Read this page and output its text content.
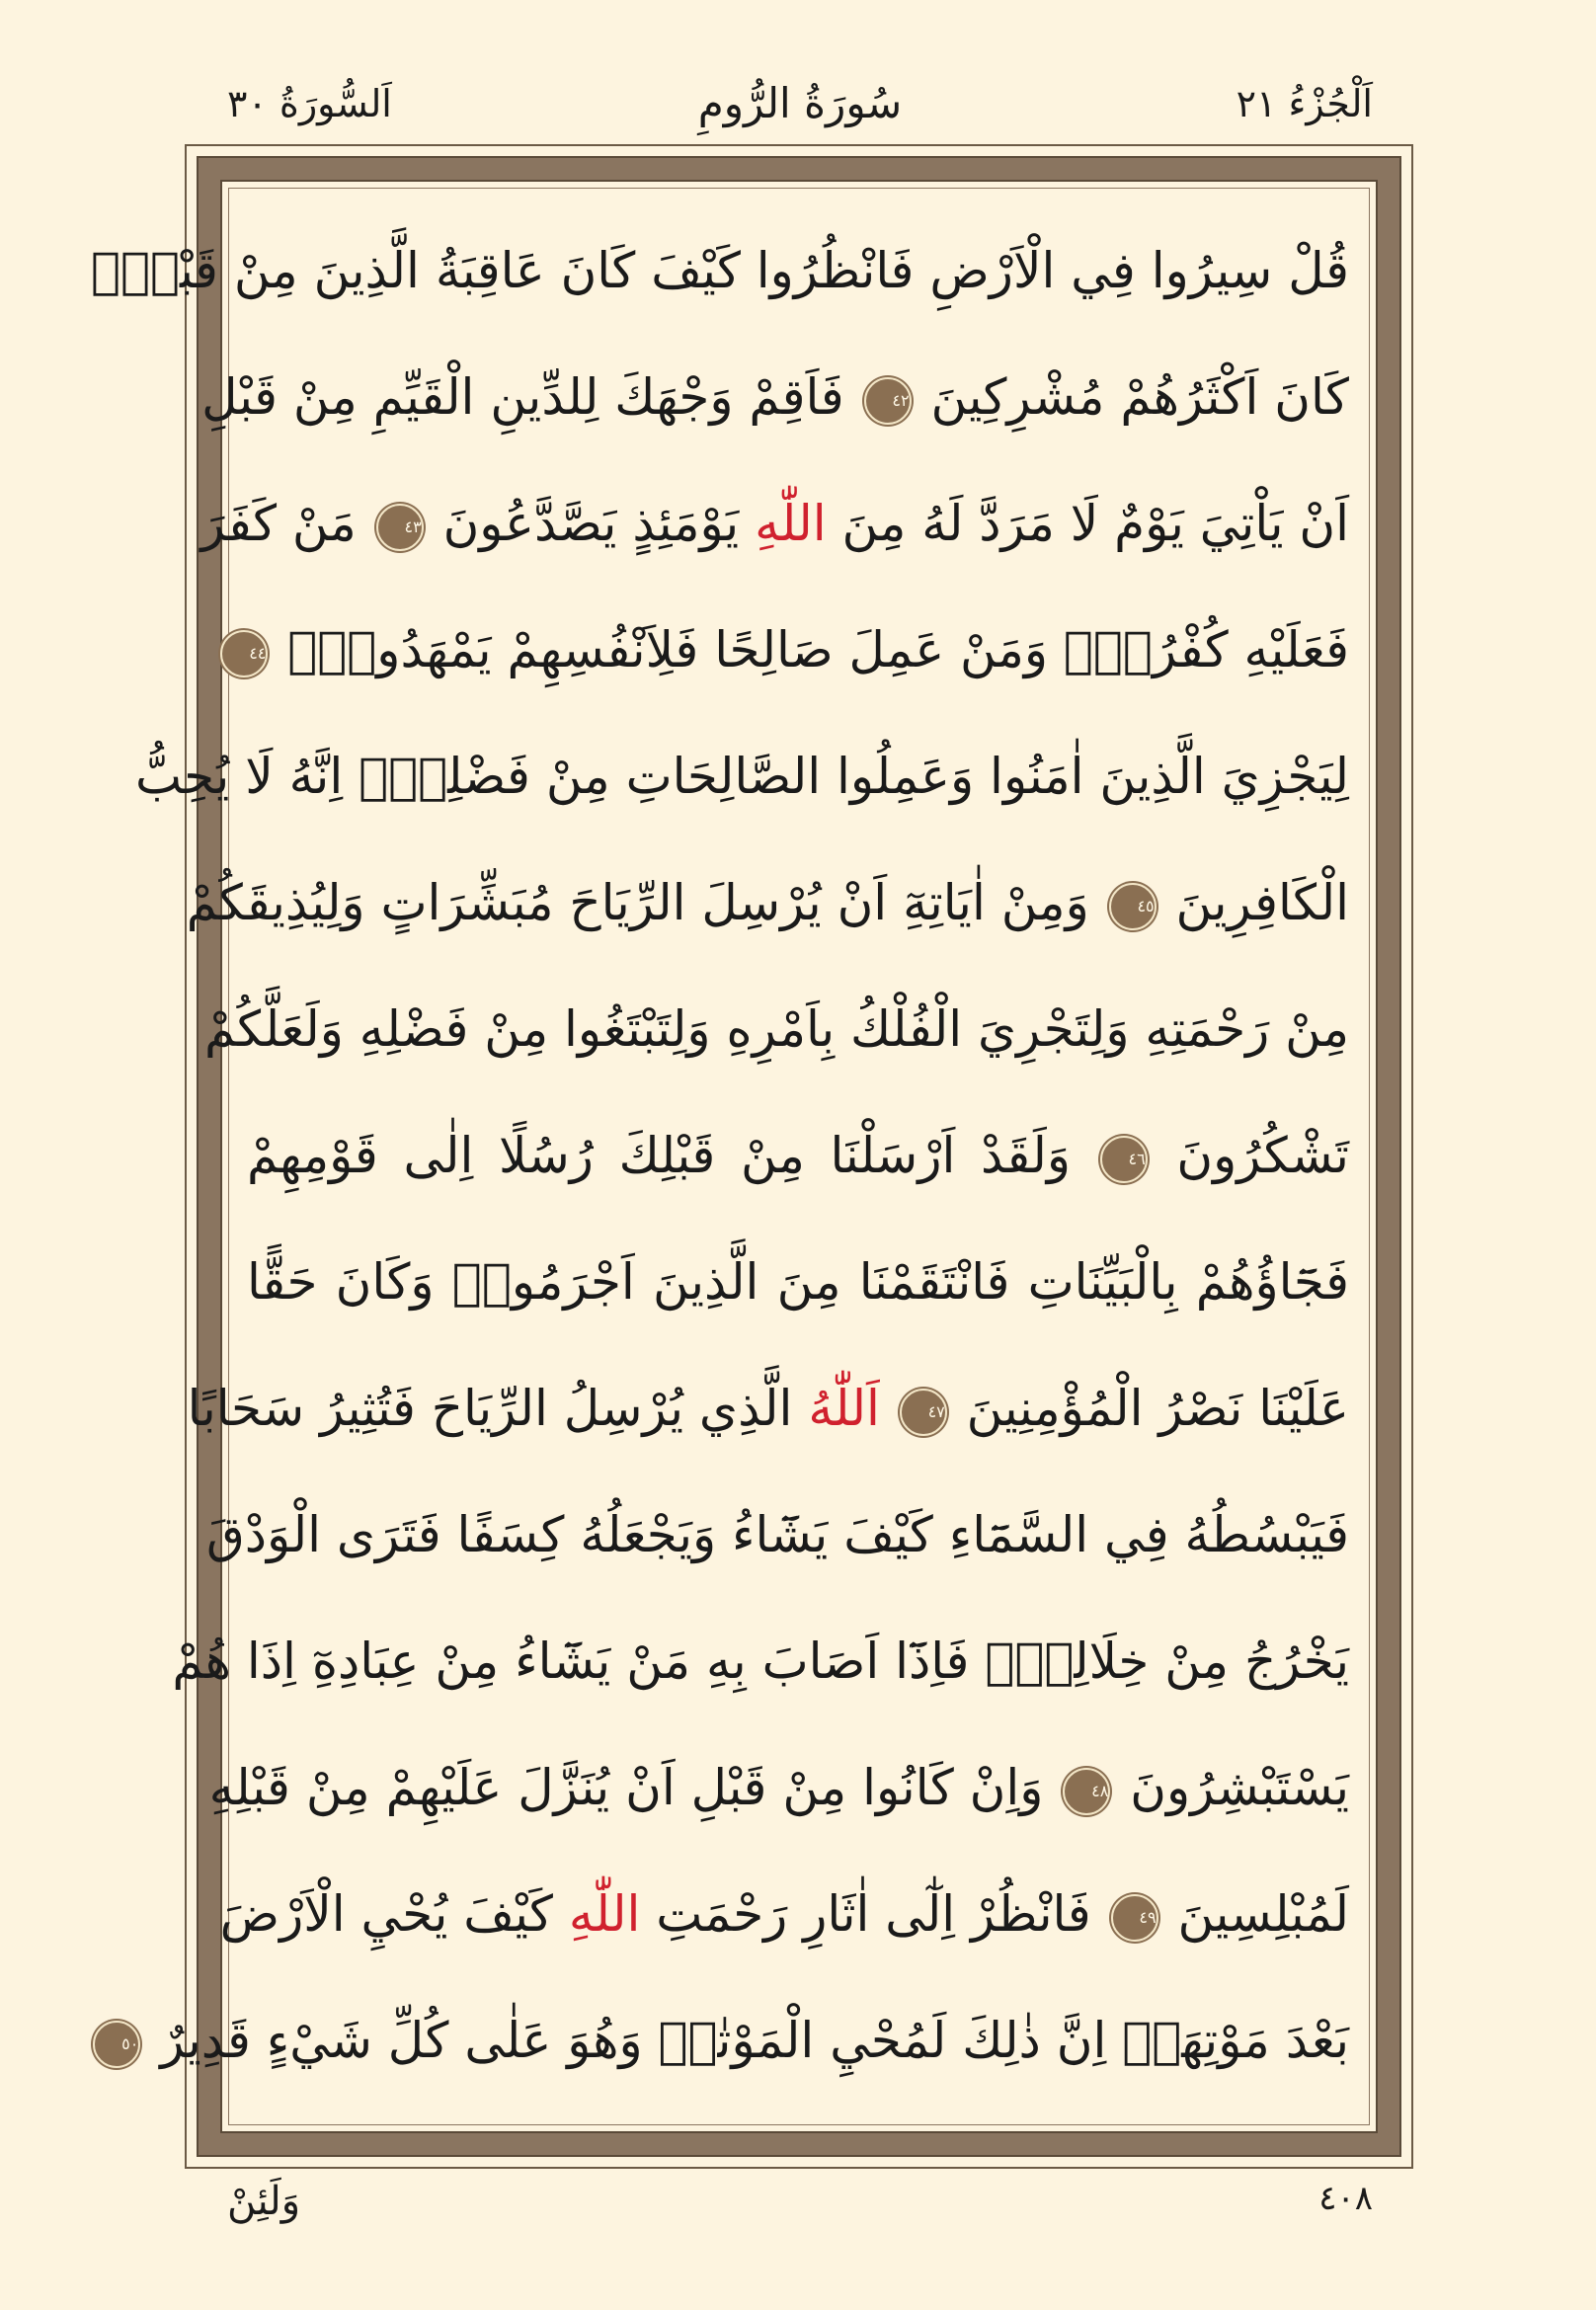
اَلْجُزْءُ ٢١
سُورَةُ الرُّومِ
اَلسُّورَةُ ٣٠
قُلْ سِيرُوا فِي الْاَرْضِ فَانْظُرُوا كَيْفَ كَانَ عَاقِبَةُ الَّذِينَ مِنْ قَبْلُۜ
كَانَ اَكْثَرُهُمْ مُشْرِكِينَ ٤٢ فَاَقِمْ وَجْهَكَ لِلدِّينِ الْقَيِّمِ مِنْ قَبْلِ
اَنْ يَاْتِيَ يَوْمٌ لَا مَرَدَّ لَهُ مِنَ اللّٰهِ يَوْمَئِذٍ يَصَّدَّعُونَ ٤٣ مَنْ كَفَرَ
فَعَلَيْهِ كُفْرُهُۚ وَمَنْ عَمِلَ صَالِحًا فَلِاَنْفُسِهِمْ يَمْهَدُونَۙ ٤٤
لِيَجْزِيَ الَّذِينَ اٰمَنُوا وَعَمِلُوا الصَّالِحَاتِ مِنْ فَضْلِهِۜ اِنَّهُ لَا يُحِبُّ
الْكَافِرِينَ ٤٥ وَمِنْ اٰيَاتِهِٓ اَنْ يُرْسِلَ الرِّيَاحَ مُبَشِّرَاتٍ وَلِيُذِيقَكُمْ
مِنْ رَحْمَتِهِ وَلِتَجْرِيَ الْفُلْكُ بِاَمْرِهِ وَلِتَبْتَغُوا مِنْ فَضْلِهِ وَلَعَلَّكُمْ
تَشْكُرُونَ ٤٦ وَلَقَدْ اَرْسَلْنَا مِنْ قَبْلِكَ رُسُلًا اِلٰى قَوْمِهِمْ
فَجَٓاؤُهُمْ بِالْبَيِّنَاتِ فَانْتَقَمْنَا مِنَ الَّذِينَ اَجْرَمُواۜ وَكَانَ حَقًّا
عَلَيْنَا نَصْرُ الْمُؤْمِنِينَ ٤٧ اَللّٰهُ الَّذِي يُرْسِلُ الرِّيَاحَ فَتُثِيرُ سَحَابًا
فَيَبْسُطُهُ فِي السَّمَٓاءِ كَيْفَ يَشَٓاءُ وَيَجْعَلُهُ كِسَفًا فَتَرَى الْوَدْقَ
يَخْرُجُ مِنْ خِلَالِهِۚ فَاِذَٓا اَصَابَ بِهِ مَنْ يَشَٓاءُ مِنْ عِبَادِهِٓ اِذَا هُمْ
يَسْتَبْشِرُونَ ٤٨ وَاِنْ كَانُوا مِنْ قَبْلِ اَنْ يُنَزَّلَ عَلَيْهِمْ مِنْ قَبْلِهِ
لَمُبْلِسِينَ ٤٩ فَانْظُرْ اِلٰٓى اٰثَارِ رَحْمَتِ اللّٰهِ كَيْفَ يُحْيِ الْاَرْضَ
بَعْدَ مَوْتِهَاۜ اِنَّ ذٰلِكَ لَمُحْيِ الْمَوْتٰىۚ وَهُوَ عَلٰى كُلِّ شَيْءٍ قَدِيرٌ ٥٠
٤٠٨
وَلَئِنْ
